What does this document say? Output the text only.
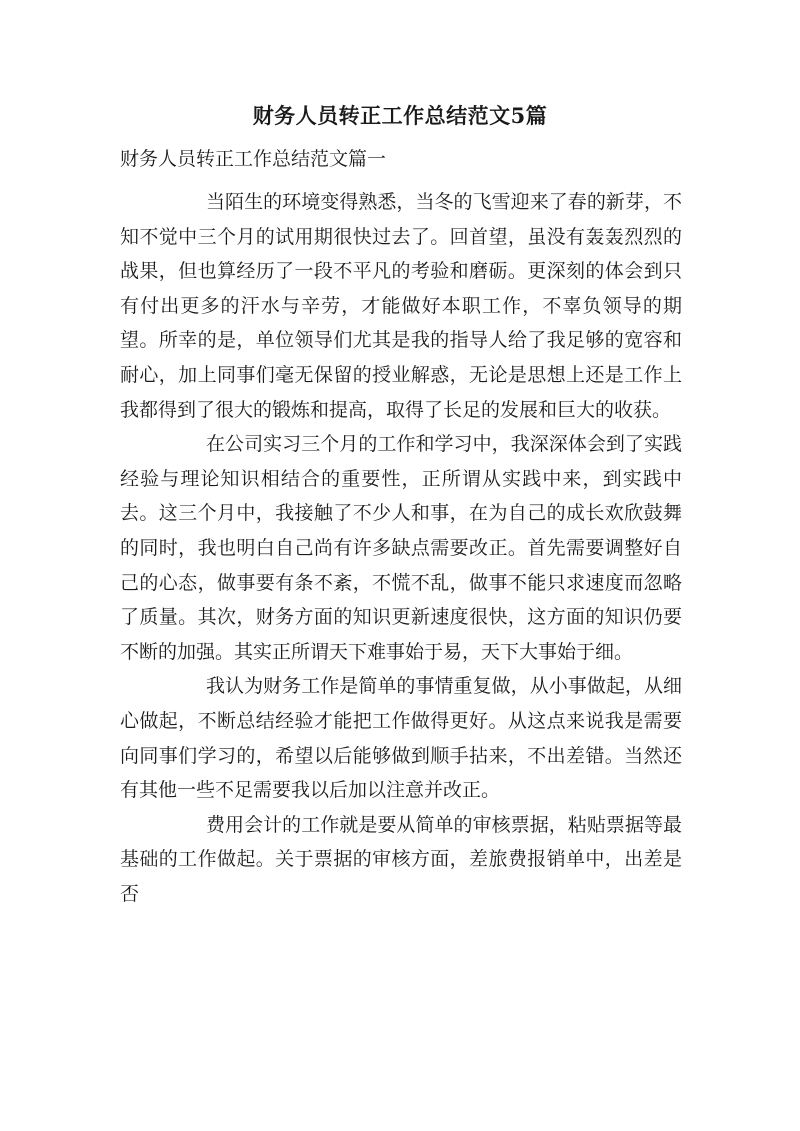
财务人员转正工作总结范文5篇
财务人员转正工作总结范文篇一

当陌生的环境变得熟悉，当冬的飞雪迎来了春的新芽，不知不觉中三个月的试用期很快过去了。回首望，虽没有轰轰烈烈的战果，但也算经历了一段不平凡的考验和磨砺。更深刻的体会到只有付出更多的汗水与辛劳，才能做好本职工作，不辜负领导的期望。所幸的是，单位领导们尤其是我的指导人给了我足够的宽容和耐心，加上同事们毫无保留的授业解惑，无论是思想上还是工作上我都得到了很大的锻炼和提高，取得了长足的发展和巨大的收获。

在公司实习三个月的工作和学习中，我深深体会到了实践经验与理论知识相结合的重要性，正所谓从实践中来，到实践中去。这三个月中，我接触了不少人和事，在为自己的成长欢欣鼓舞的同时，我也明白自己尚有许多缺点需要改正。首先需要调整好自己的心态，做事要有条不紊，不慌不乱，做事不能只求速度而忽略了质量。其次，财务方面的知识更新速度很快，这方面的知识仍要不断的加强。其实正所谓天下难事始于易，天下大事始于细。

我认为财务工作是简单的事情重复做，从小事做起，从细心做起，不断总结经验才能把工作做得更好。从这点来说我是需要向同事们学习的，希望以后能够做到顺手拈来，不出差错。当然还有其他一些不足需要我以后加以注意并改正。

费用会计的工作就是要从简单的审核票据，粘贴票据等最基础的工作做起。关于票据的审核方面，差旅费报销单中，出差是否
